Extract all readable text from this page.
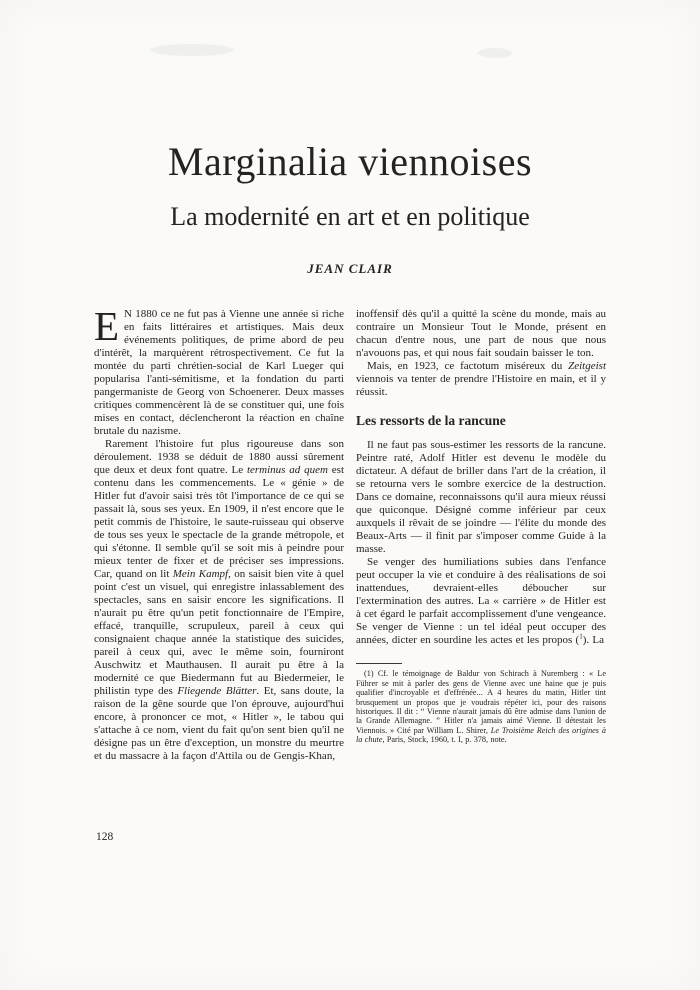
Marginalia viennoises
La modernité en art et en politique
JEAN CLAIR

E N 1880 ce ne fut pas à Vienne une année si riche en faits littéraires et artistiques. Mais deux événements politiques, de prime abord de peu d'intérêt, la marquèrent rétrospectivement. Ce fut la montée du parti chrétien-social de Karl Lueger qui popularisa l'anti-sémitisme, et la fondation du parti pangermaniste de Georg von Schoenerer. Deux masses critiques commencèrent là de se constituer qui, une fois mises en contact, déclencheront la réaction en chaîne brutale du nazisme.

Rarement l'histoire fut plus rigoureuse dans son déroulement. 1938 se déduit de 1880 aussi sûrement que deux et deux font quatre. Le terminus ad quem est contenu dans les commencements. Le « génie » de Hitler fut d'avoir saisi très tôt l'importance de ce qui se passait là, sous ses yeux. En 1909, il n'est encore que le petit commis de l'histoire, le saute-ruisseau qui observe de tous ses yeux le spectacle de la grande métropole, et qui s'étonne. Il semble qu'il se soit mis à peindre pour mieux tenter de fixer et de préciser ses impressions. Car, quand on lit Mein Kampf, on saisit bien vite à quel point c'est un visuel, qui enregistre inlassablement des spectacles, sans en saisir encore les significations. Il n'aurait pu être qu'un petit fonctionnaire de l'Empire, effacé, tranquille, scrupuleux, pareil à ceux qui consignaient chaque année la statistique des suicides, pareil à ceux qui, avec le même soin, fourniront Auschwitz et Mauthausen. Il aurait pu être à la modernité ce que Biedermann fut au Biedermeier, le philistin type des Fliegende Blätter. Et, sans doute, la raison de la gêne sourde que l'on éprouve, aujourd'hui encore, à prononcer ce mot, « Hitler », le tabou qui s'attache à ce nom, vient du fait qu'on sent bien qu'il ne désigne pas un être d'exception, un monstre du meurtre et du massacre à la façon d'Attila ou de Gengis-Khan,

inoffensif dès qu'il a quitté la scène du monde, mais au contraire un Monsieur Tout le Monde, présent en chacun d'entre nous, une part de nous que nous n'avouons pas, et qui nous fait soudain baisser le ton.

Mais, en 1923, ce factotum miséreux du Zeitgeist viennois va tenter de prendre l'Histoire en main, et il y réussit.

Les ressorts de la rancune

Il ne faut pas sous-estimer les ressorts de la rancune. Peintre raté, Adolf Hitler est devenu le modèle du dictateur. A défaut de briller dans l'art de la création, il se retourna vers le sombre exercice de la destruction. Dans ce domaine, reconnaissons qu'il aura mieux réussi que quiconque. Désigné comme inférieur par ceux auxquels il rêvait de se joindre — l'élite du monde des Beaux-Arts — il finit par s'imposer comme Guide à la masse.

Se venger des humiliations subies dans l'enfance peut occuper la vie et conduire à des réalisations de soi inattendues, devraient-elles déboucher sur l'extermination des autres. La « carrière » de Hitler est à cet égard le parfait accomplissement d'une vengeance. Se venger de Vienne : un tel idéal peut occuper des années, dicter en sourdine les actes et les propos ($^1$). La

(1) Cf. le témoignage de Baldur von Schirach à Nuremberg : « Le Führer se mit à parler des gens de Vienne avec une haine que je puis qualifier d'incroyable et d'effrénée... A 4 heures du matin, Hitler tint brusquement un propos que je voudrais répéter ici, pour des raisons historiques. Il dit : “ Vienne n'aurait jamais dû être admise dans l'union de la Grande Allemagne. ” Hitler n'a jamais aimé Vienne. Il détestait les Viennois. » Cité par William L. Shirer, Le Troisième Reich des origines à la chute, Paris, Stock, 1960, t. I, p. 378, note.

128
